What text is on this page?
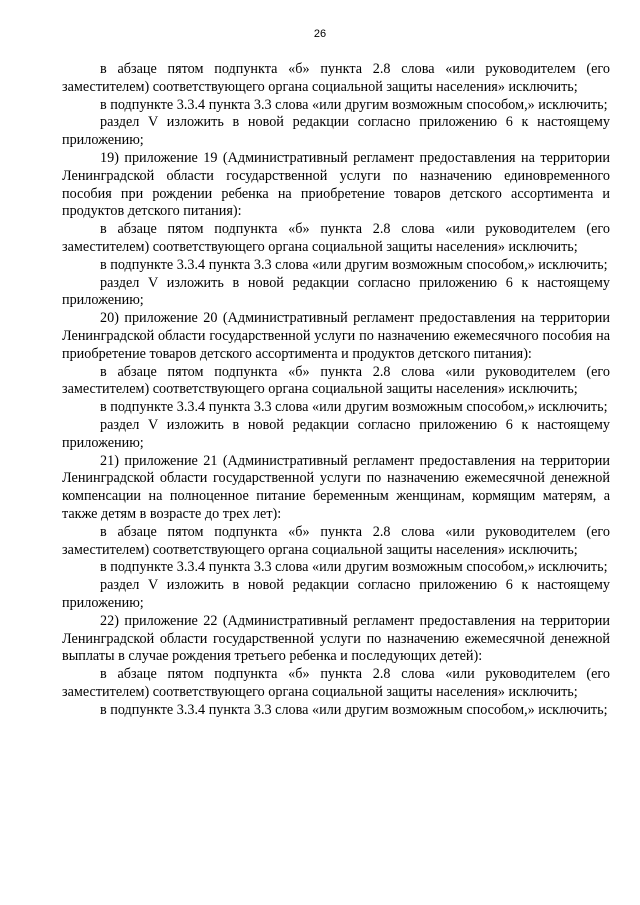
26

в абзаце пятом подпункта «б» пункта 2.8 слова «или руководителем (его заместителем) соответствующего органа социальной защиты населения» исключить;

в подпункте 3.3.4 пункта 3.3 слова «или другим возможным способом,» исключить;

раздел V изложить в новой редакции согласно приложению 6 к настоящему приложению;

19) приложение 19 (Административный регламент предоставления на территории Ленинградской области государственной услуги по назначению единовременного пособия при рождении ребенка на приобретение товаров детского ассортимента и продуктов детского питания):

в абзаце пятом подпункта «б» пункта 2.8 слова «или руководителем (его заместителем) соответствующего органа социальной защиты населения» исключить;

в подпункте 3.3.4 пункта 3.3 слова «или другим возможным способом,» исключить;

раздел V изложить в новой редакции согласно приложению 6 к настоящему приложению;

20) приложение 20 (Административный регламент предоставления на территории Ленинградской области государственной услуги по назначению ежемесячного пособия на приобретение товаров детского ассортимента и продуктов детского питания):

в абзаце пятом подпункта «б» пункта 2.8 слова «или руководителем (его заместителем) соответствующего органа социальной защиты населения» исключить;

в подпункте 3.3.4 пункта 3.3 слова «или другим возможным способом,» исключить;

раздел V изложить в новой редакции согласно приложению 6 к настоящему приложению;

21) приложение 21 (Административный регламент предоставления на территории Ленинградской области государственной услуги по назначению ежемесячной денежной компенсации на полноценное питание беременным женщинам, кормящим матерям, а также детям в возрасте до трех лет):

в абзаце пятом подпункта «б» пункта 2.8 слова «или руководителем (его заместителем) соответствующего органа социальной защиты населения» исключить;

в подпункте 3.3.4 пункта 3.3 слова «или другим возможным способом,» исключить;

раздел V изложить в новой редакции согласно приложению 6 к настоящему приложению;

22) приложение 22 (Административный регламент предоставления на территории Ленинградской области государственной услуги по назначению ежемесячной денежной выплаты в случае рождения третьего ребенка и последующих детей):

в абзаце пятом подпункта «б» пункта 2.8 слова «или руководителем (его заместителем) соответствующего органа социальной защиты населения» исключить;

в подпункте 3.3.4 пункта 3.3 слова «или другим возможным способом,» исключить;
